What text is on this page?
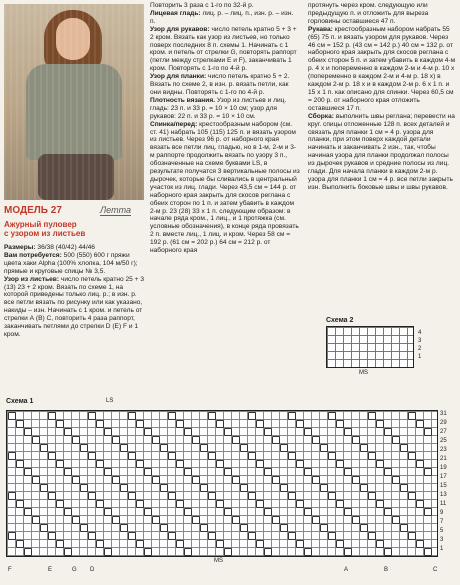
МОДЕЛЬ 27	Летта
Ажурный пуловер
с узором из листьев
Размеры: 36/38 (40/42) 44/46
Вам потребуется: 500 (550) 600 г пряжи цвета хаки Alpha (100% хлопка, 104 м/50 г); прямые и круговые спицы № 3,5.
Узор из листьев: число петель кратно 25 + 3 (13) 23 + 2 кром. Вязать по схеме 1, на которой приведены только лиц. р.; в изн. р. все петли вязать по рисунку или как указано, накиды – изн. Начинать с 1 кром. и петель от стрелки А (В) С, повторить 4 раза раппорт, заканчивать петлями до стрелки D (Е) F и 1 кром.
Повторить 3 раза с 1-го по 32-й р.
Лицевая гладь: лиц. р. – лиц. п., изн. р. – изн. п.
Узор для рукавов: число петель кратно 5 + 3 + 2 кром. Вязать как узор из листьев, но только поверх последних 8 п. схемы 1. Начинать с 1 кром. и петель от стрелки G, повторять раппорт (петли между стрелками Е и F), заканчивать 1 кром. Повторять с 1-го по 4-й р.
Узор для планки: число петель кратно 5 + 2. Вязать по схеме 2, в изн. р. вязать петли, как они видны. Повторять с 1-го по 4-й р.
Плотность вязания. Узор из листьев и лиц. гладь: 23 п. и 33 р. = 10 × 10 см; узор для рукавов: 22 п. и 33 р. = 10 × 10 см.
Спинка/перед: крестообразным набором (см. ст. 41) набрать 105 (115) 125 п. и вязать узором из листьев. Через 96 р. от наборного края вязать все петли лиц. гладью, но в 1-м, 2-м и 3-м раппорте продолжить вязать по узору 3 п., обозначенные на схеме буквами LS, в результате получатся 3 вертикальные полосы из дырочек, которые бы сливались в центральный участок из лиц. глади. Через 43,5 см = 144 р. от наборного края закрыть для скосов реглана с обеих сторон по 1 п. и затем убавить в каждом 2-м р. 23 (28) 33 х 1 п. следующим образом: в начале ряда кром., 1 лиц., и 1 протяжка (см. условные обозначения), в конце ряда провязать 2 п. вместе лиц., 1 лиц. и кром. Через 58 см = 192 р. (61 см = 202 р.) 64 см = 212 р. от наборного края
протянуть через кром. следующую или предыдущую п. и отложить для выреза горловины оставшиеся 47 п.
Рукава: крестообразным набором набрать 55 (65) 75 п. и вязать узором для рукавов. Через 46 см = 152 р. (43 см = 142 р.) 40 см = 132 р. от наборного края закрыть для скосов реглана с обеих сторон 5 п. и затем убавить в каждом 4-м р. 4 х и попеременно в каждом 2-м и 4-м р. 10 х (попеременно в каждом 2-м и 4-м р. 18 х) в каждом 2-м р. 18 х и в каждом 2-м р. 6 х 1 п. и 15 х 1 п. как описано для спинки. Через 60,5 см = 200 р. от наборного края отложить оставшиеся 17 п.
Сборка: выполнить швы реглана; перевести на круг. спицы отложенные 128 п. всех деталей и связать для планки 1 см = 4 р. узора для планки, при этом поверх каждой детали начинать и заканчивать 2 изн., так, чтобы начиная узора для планки продолжал полосы из дырочек рукавов и средние полосы из лиц. глади. Для начала планки в каждом 2-м р. узора для планки 1 см = 4 р. все петли закрыть изн. Выполнить боковые швы и швы рукавов.
Схема 2
4
3
2
1
MS
Схема 1	LS
31
29
27
25
23
21
19
17
15
13
11
9
7
5
3
1
MS
F	E	G D	A	B	C
